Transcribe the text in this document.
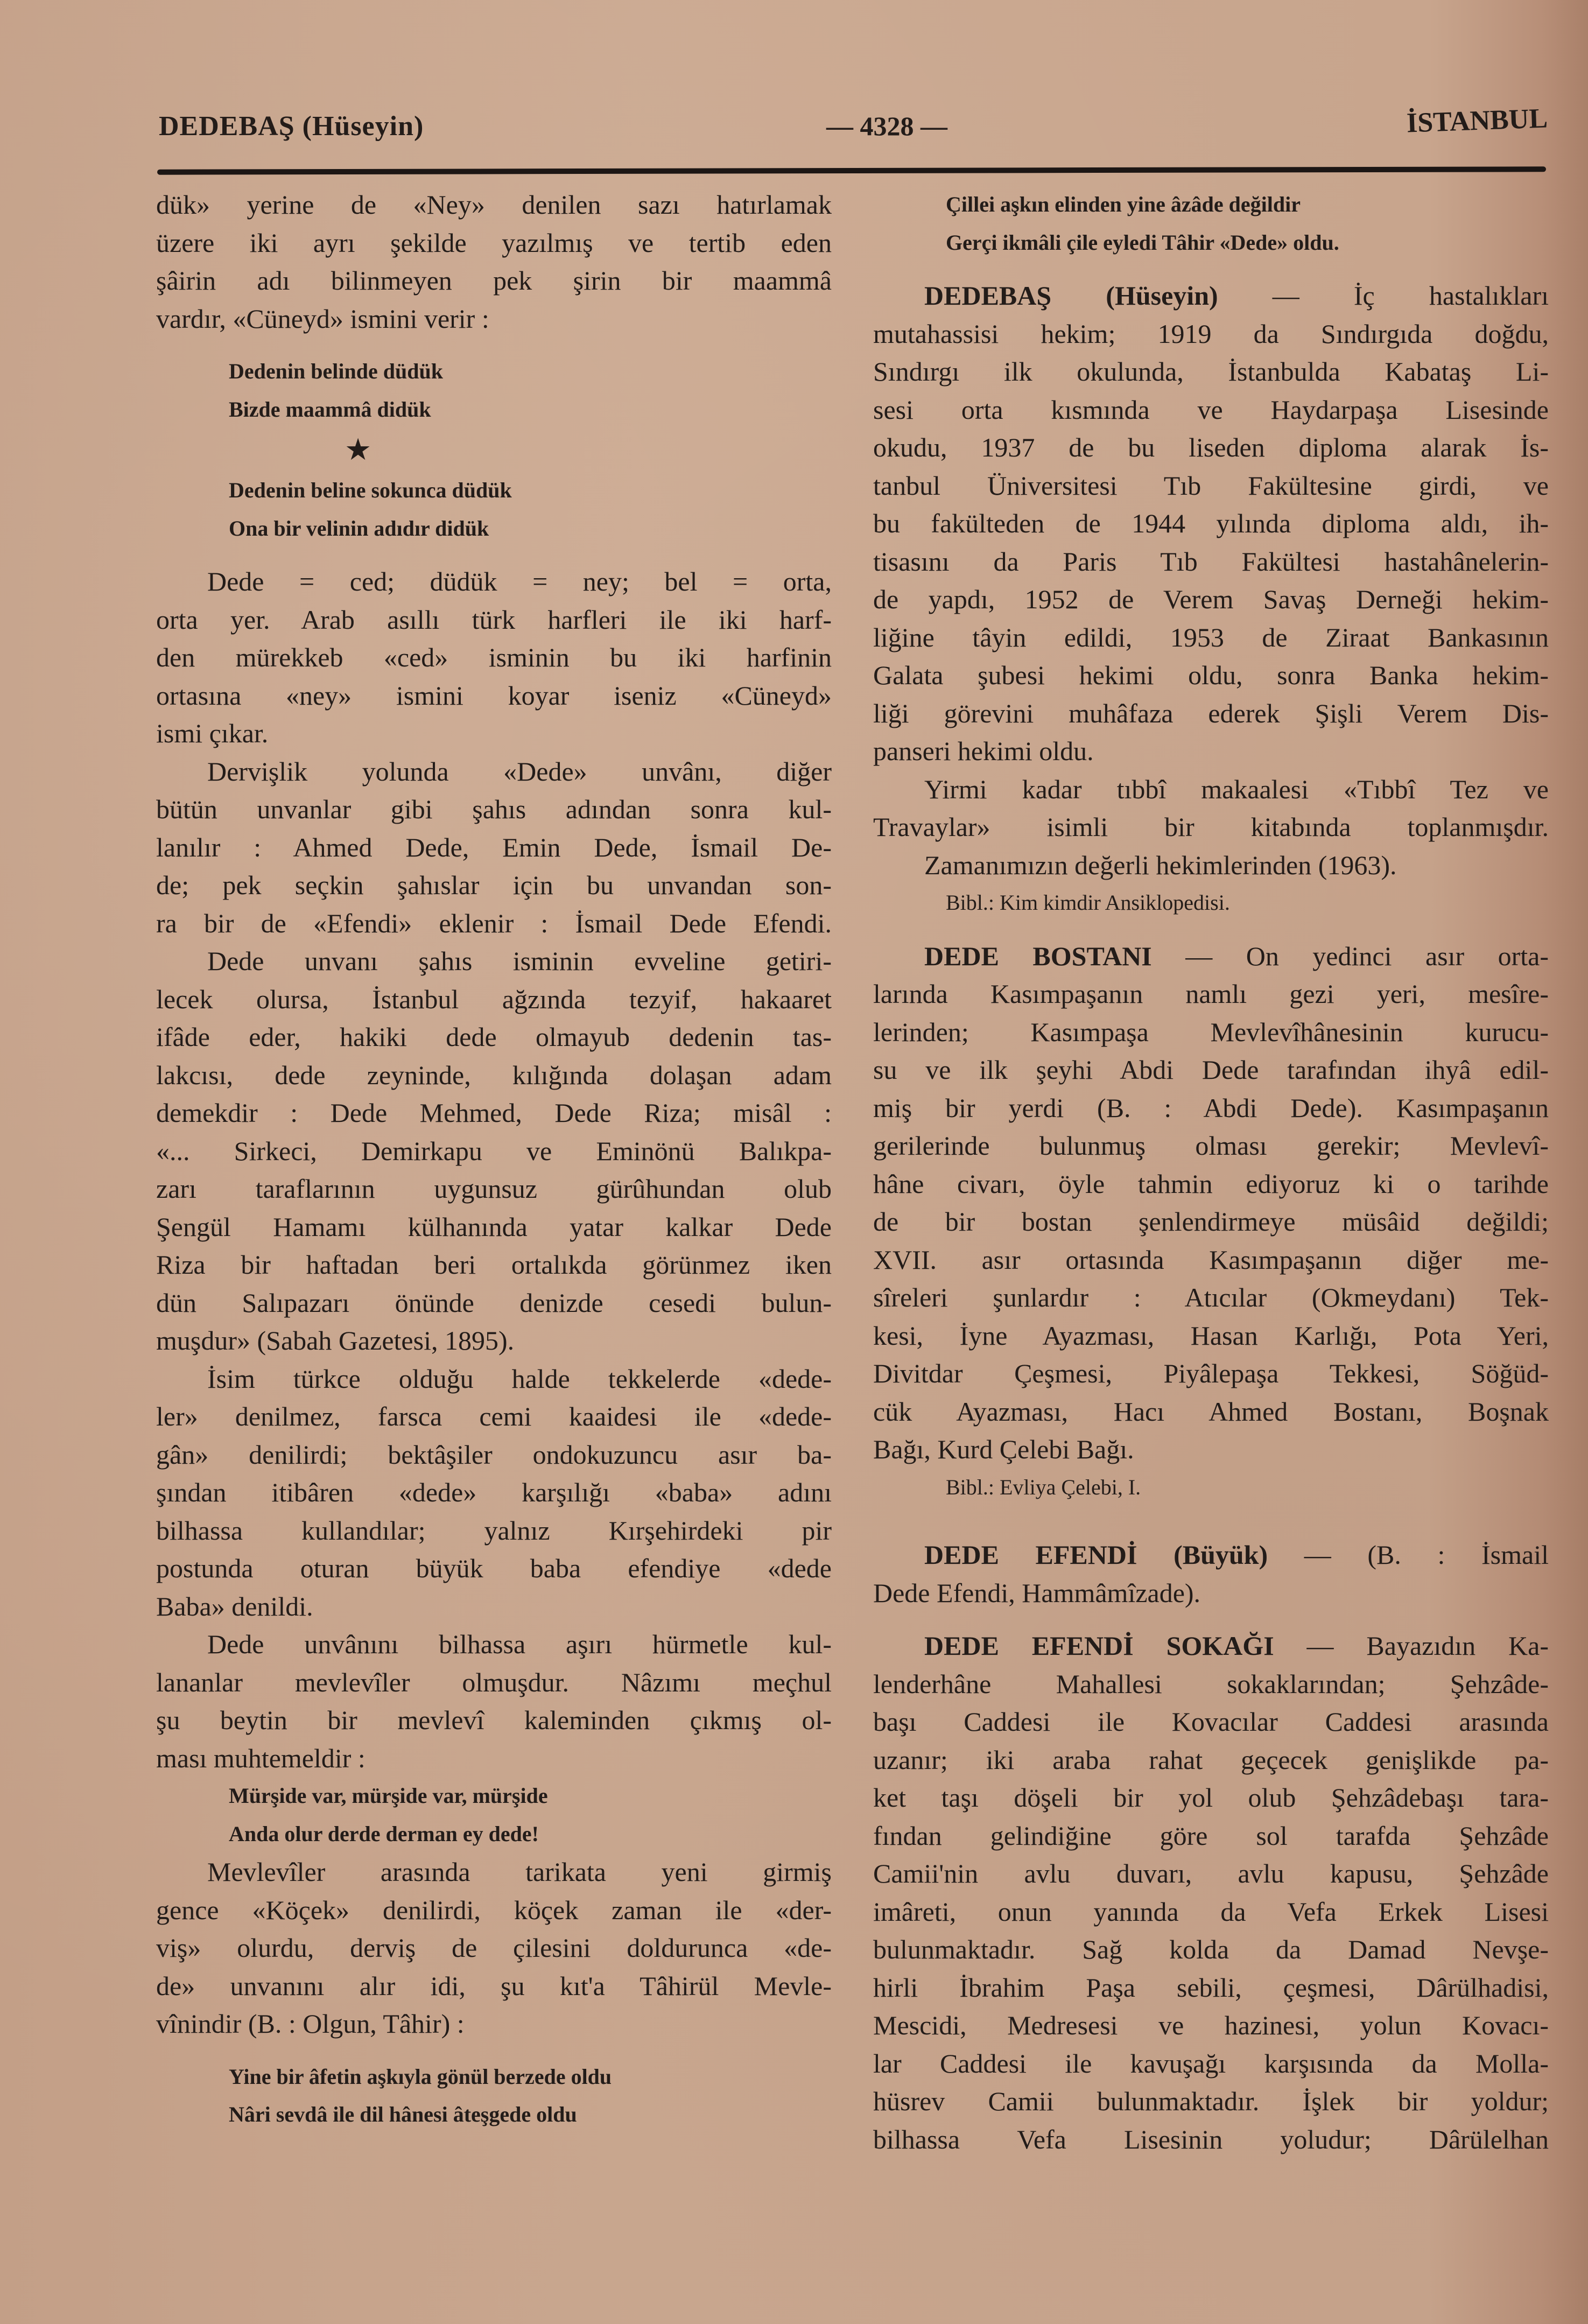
DEDEBAŞ (Hüseyin)	— 4328 —	İSTANBUL
dük» yerine de «Ney» denilen sazı hatırlamak
üzere iki ayrı şekilde yazılmış ve tertib eden
şâirin adı bilinmeyen pek şirin bir maammâ
vardır, «Cüneyd» ismini verir :
Dedenin belinde düdük
Bizde maammâ didük
★
Dedenin beline sokunca düdük
Ona bir velinin adıdır didük
Dede = ced; düdük = ney; bel = orta,
orta yer. Arab asıllı türk harfleri ile iki harf-
den mürekkeb «ced» isminin bu iki harfinin
ortasına «ney» ismini koyar iseniz «Cüneyd»
ismi çıkar.
Dervişlik yolunda «Dede» unvânı, diğer
bütün unvanlar gibi şahıs adından sonra kul-
lanılır : Ahmed Dede, Emin Dede, İsmail De-
de; pek seçkin şahıslar için bu unvandan son-
ra bir de «Efendi» eklenir : İsmail Dede Efendi.
Dede unvanı şahıs isminin evveline getiri-
lecek olursa, İstanbul ağzında tezyif, hakaaret
ifâde eder, hakiki dede olmayub dedenin tas-
lakcısı, dede zeyninde, kılığında dolaşan adam
demekdir : Dede Mehmed, Dede Riza; misâl :
«... Sirkeci, Demirkapu ve Eminönü Balıkpa-
zarı taraflarının uygunsuz gürûhundan olub
Şengül Hamamı külhanında yatar kalkar Dede
Riza bir haftadan beri ortalıkda görünmez iken
dün Salıpazarı önünde denizde cesedi bulun-
muşdur» (Sabah Gazetesi, 1895).
İsim türkce olduğu halde tekkelerde «dede-
ler» denilmez, farsca cemi kaaidesi ile «dede-
gân» denilirdi; bektâşiler ondokuzuncu asır ba-
şından itibâren «dede» karşılığı «baba» adını
bilhassa kullandılar; yalnız Kırşehirdeki pir
postunda oturan büyük baba efendiye «dede
Baba» denildi.
Dede unvânını bilhassa aşırı hürmetle kul-
lananlar mevlevîler olmuşdur. Nâzımı meçhul
şu beytin bir mevlevî kaleminden çıkmış ol-
ması muhtemeldir :
Mürşide var, mürşide var, mürşide
Anda olur derde derman ey dede!
Mevlevîler arasında tarikata yeni girmiş
gence «Köçek» denilirdi, köçek zaman ile «der-
viş» olurdu, derviş de çilesini doldurunca «de-
de» unvanını alır idi, şu kıt'a Tâhirül Mevle-
vînindir (B. : Olgun, Tâhir) :
Yine bir âfetin aşkıyla gönül berzede oldu
Nâri sevdâ ile dil hânesi âteşgede oldu
Çillei aşkın elinden yine âzâde değildir
Gerçi ikmâli çile eyledi Tâhir «Dede» oldu.
DEDEBAŞ (Hüseyin) — İç hastalıkları
mutahassisi hekim; 1919 da Sındırgıda doğdu,
Sındırgı ilk okulunda, İstanbulda Kabataş Li-
sesi orta kısmında ve Haydarpaşa Lisesinde
okudu, 1937 de bu liseden diploma alarak İs-
tanbul Üniversitesi Tıb Fakültesine girdi, ve
bu fakülteden de 1944 yılında diploma aldı, ih-
tisasını da Paris Tıb Fakültesi hastahânelerin-
de yapdı, 1952 de Verem Savaş Derneği hekim-
liğine tâyin edildi, 1953 de Ziraat Bankasının
Galata şubesi hekimi oldu, sonra Banka hekim-
liği görevini muhâfaza ederek Şişli Verem Dis-
panseri hekimi oldu.
Yirmi kadar tıbbî makaalesi «Tıbbî Tez ve
Travaylar» isimli bir kitabında toplanmışdır.
Zamanımızın değerli hekimlerinden (1963).
Bibl.: Kim kimdir Ansiklopedisi.
DEDE BOSTANI — On yedinci asır orta-
larında Kasımpaşanın namlı gezi yeri, mesîre-
lerinden; Kasımpaşa Mevlevîhânesinin kurucu-
su ve ilk şeyhi Abdi Dede tarafından ihyâ edil-
miş bir yerdi (B. : Abdi Dede). Kasımpaşanın
gerilerinde bulunmuş olması gerekir; Mevlevî-
hâne civarı, öyle tahmin ediyoruz ki o tarihde
de bir bostan şenlendirmeye müsâid değildi;
XVII. asır ortasında Kasımpaşanın diğer me-
sîreleri şunlardır : Atıcılar (Okmeydanı) Tek-
kesi, İyne Ayazması, Hasan Karlığı, Pota Yeri,
Divitdar Çeşmesi, Piyâlepaşa Tekkesi, Söğüd-
cük Ayazması, Hacı Ahmed Bostanı, Boşnak
Bağı, Kurd Çelebi Bağı.
Bibl.: Evliya Çelebi, I.
DEDE EFENDİ (Büyük) — (B. : İsmail
Dede Efendi, Hammâmîzade).
DEDE EFENDİ SOKAĞI — Bayazıdın Ka-
lenderhâne Mahallesi sokaklarından; Şehzâde-
başı Caddesi ile Kovacılar Caddesi arasında
uzanır; iki araba rahat geçecek genişlikde pa-
ket taşı döşeli bir yol olub Şehzâdebaşı tara-
fından gelindiğine göre sol tarafda Şehzâde
Camii'nin avlu duvarı, avlu kapusu, Şehzâde
imâreti, onun yanında da Vefa Erkek Lisesi
bulunmaktadır. Sağ kolda da Damad Nevşe-
hirli İbrahim Paşa sebili, çeşmesi, Dârülhadisi,
Mescidi, Medresesi ve hazinesi, yolun Kovacı-
lar Caddesi ile kavuşağı karşısında da Molla-
hüsrev Camii bulunmaktadır. İşlek bir yoldur;
bilhassa Vefa Lisesinin yoludur; Dârülelhan
